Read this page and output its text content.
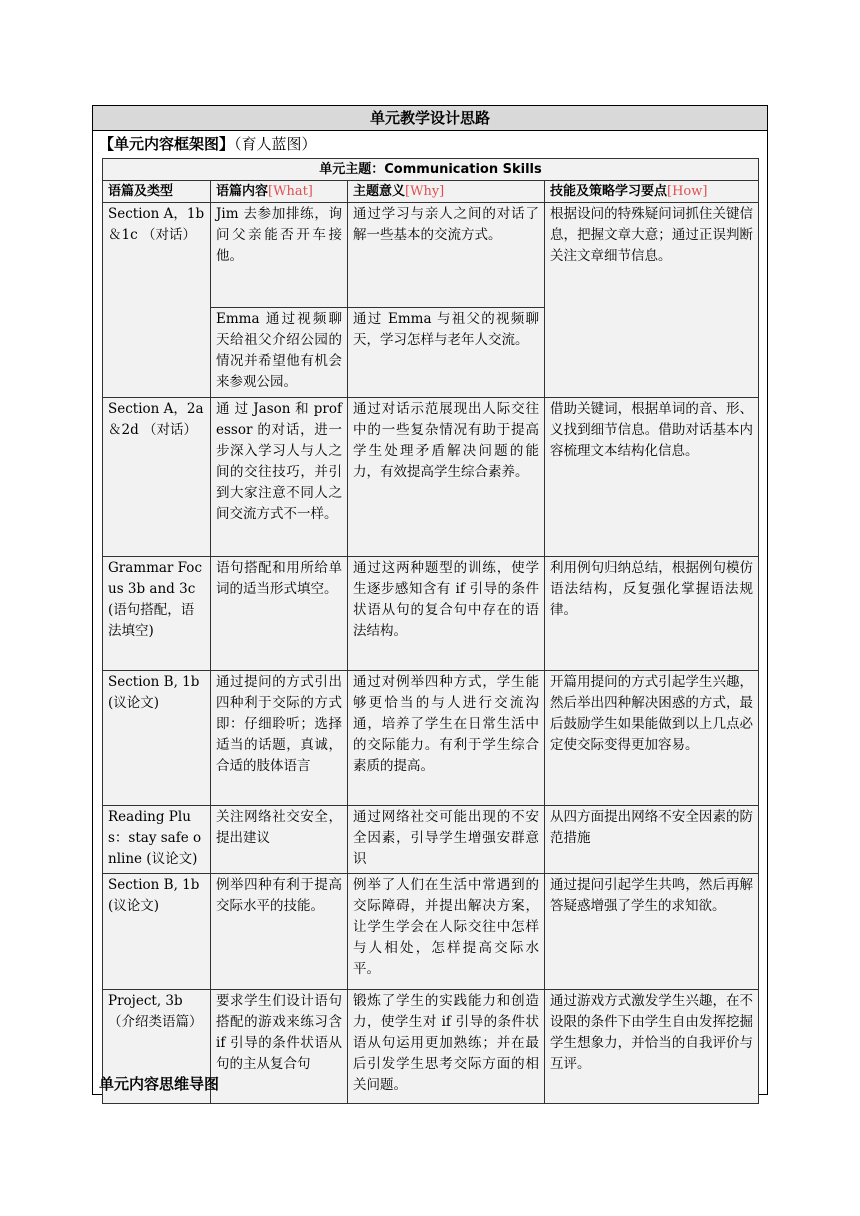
单元教学设计思路
【单元内容框架图】（育人蓝图）
单元主题：Communication Skills			
语篇及类型	语篇内容[What]	主题意义[Why]	技能及策略学习要点[How]
Section A，1b ＆1c （对话）	Jim 去参加排练，询问父亲能否开车接他。	通过学习与亲人之间的对话了解一些基本的交流方式。	根据设问的特殊疑问词抓住关键信息，把握文章大意；通过正误判断关注文章细节信息。
	Emma 通过视频聊天给祖父介绍公园的情况并希望他有机会来参观公园。	通过 Emma 与祖父的视频聊天，学习怎样与老年人交流。	
Section A，2a ＆2d （对话）	通 过 Jason 和 professor 的对话，进一步深入学习人与人之间的交往技巧，并引到大家注意不同人之间交流方式不一样。	通过对话示范展现出人际交往中的一些复杂情况有助于提高学生处理矛盾解决问题的能力，有效提高学生综合素养。	借助关键词，根据单词的音、形、义找到细节信息。借助对话基本内容梳理文本结构化信息。
Grammar Focus 3b and 3c (语句搭配，语法填空)	语句搭配和用所给单词的适当形式填空。	通过这两种题型的训练，使学生逐步感知含有 if 引导的条件状语从句的复合句中存在的语法结构。	利用例句归纳总结，根据例句模仿语法结构，反复强化掌握语法规律。
Section B, 1b (议论文)	通过提问的方式引出四种利于交际的方式即：仔细聆听；选择适当的话题，真诚，合适的肢体语言	通过对例举四种方式，学生能够更恰当的与人进行交流沟通，培养了学生在日常生活中的交际能力。有利于学生综合素质的提高。	开篇用提问的方式引起学生兴趣，然后举出四种解决困惑的方式，最后鼓励学生如果能做到以上几点必定使交际变得更加容易。
Reading Plus：stay safe online (议论文)	关注网络社交安全，提出建议	通过网络社交可能出现的不安全因素，引导学生增强安群意识	从四方面提出网络不安全因素的防范措施
Section B, 1b (议论文)	例举四种有利于提高交际水平的技能。	例举了人们在生活中常遇到的交际障碍，并提出解决方案，让学生学会在人际交往中怎样与人相处，怎样提高交际水平。	通过提问引起学生共鸣，然后再解答疑惑增强了学生的求知欲。
Project, 3b （介绍类语篇）	要求学生们设计语句搭配的游戏来练习含 if 引导的条件状语从句的主从复合句	锻炼了学生的实践能力和创造力，使学生对 if 引导的条件状语从句运用更加熟练；并在最后引发学生思考交际方面的相关问题。	通过游戏方式激发学生兴趣，在不设限的条件下由学生自由发挥挖掘学生想象力，并恰当的自我评价与互评。
单元内容思维导图
